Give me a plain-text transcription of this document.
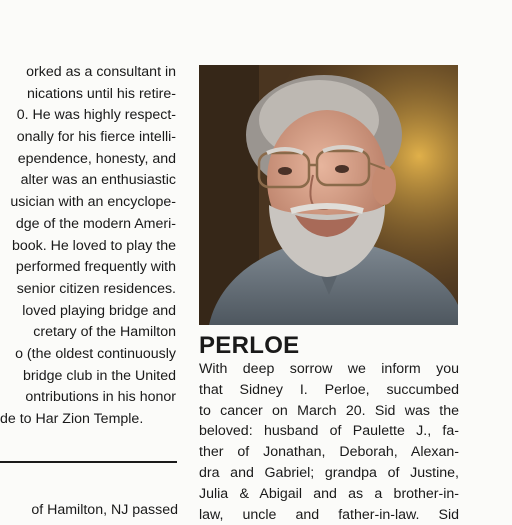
orked as a consultant in
nications until his retire-
0. He was highly respect-
onally for his fierce intelli-
ependence, honesty, and
alter was an enthusiastic
usician with an encyclope-
dge of the modern Ameri-
book. He loved to play the
performed frequently with
senior citizen residences.
loved playing bridge and
cretary of the Hamilton
o (the oldest continuously
bridge club in the United
ontributions in his honor
de to Har Zion Temple.
of Hamilton, NJ passed
PERLOE
With deep sorrow we inform you
that Sidney I. Perloe, succumbed
to cancer on March 20. Sid was the
beloved: husband of Paulette J., fa-
ther of Jonathan, Deborah, Alexan-
dra and Gabriel; grandpa of Justine,
Julia & Abigail and as a brother-in-
law, uncle and father-in-law. Sid
